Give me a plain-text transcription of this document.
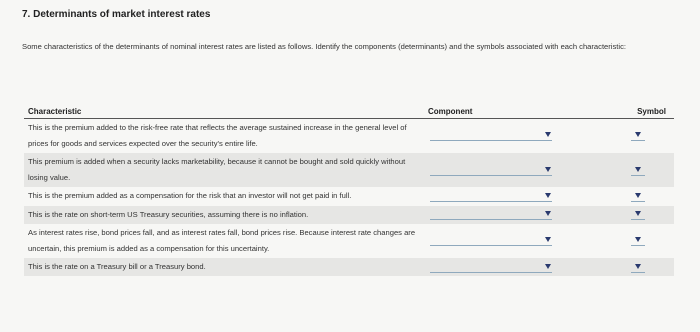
7. Determinants of market interest rates
Some characteristics of the determinants of nominal interest rates are listed as follows. Identify the components (determinants) and the symbols associated with each characteristic:
Characteristic	Component	Symbol
This is the premium added to the risk-free rate that reflects the average sustained increase in the general level of prices for goods and services expected over the security's entire life.	

This premium is added when a security lacks marketability, because it cannot be bought and sold quickly without losing value.	

This is the premium added as a compensation for the risk that an investor will not get paid in full.	

This is the rate on short-term US Treasury securities, assuming there is no inflation.	

As interest rates rise, bond prices fall, and as interest rates fall, bond prices rise. Because interest rate changes are uncertain, this premium is added as a compensation for this uncertainty.	

This is the rate on a Treasury bill or a Treasury bond.	
